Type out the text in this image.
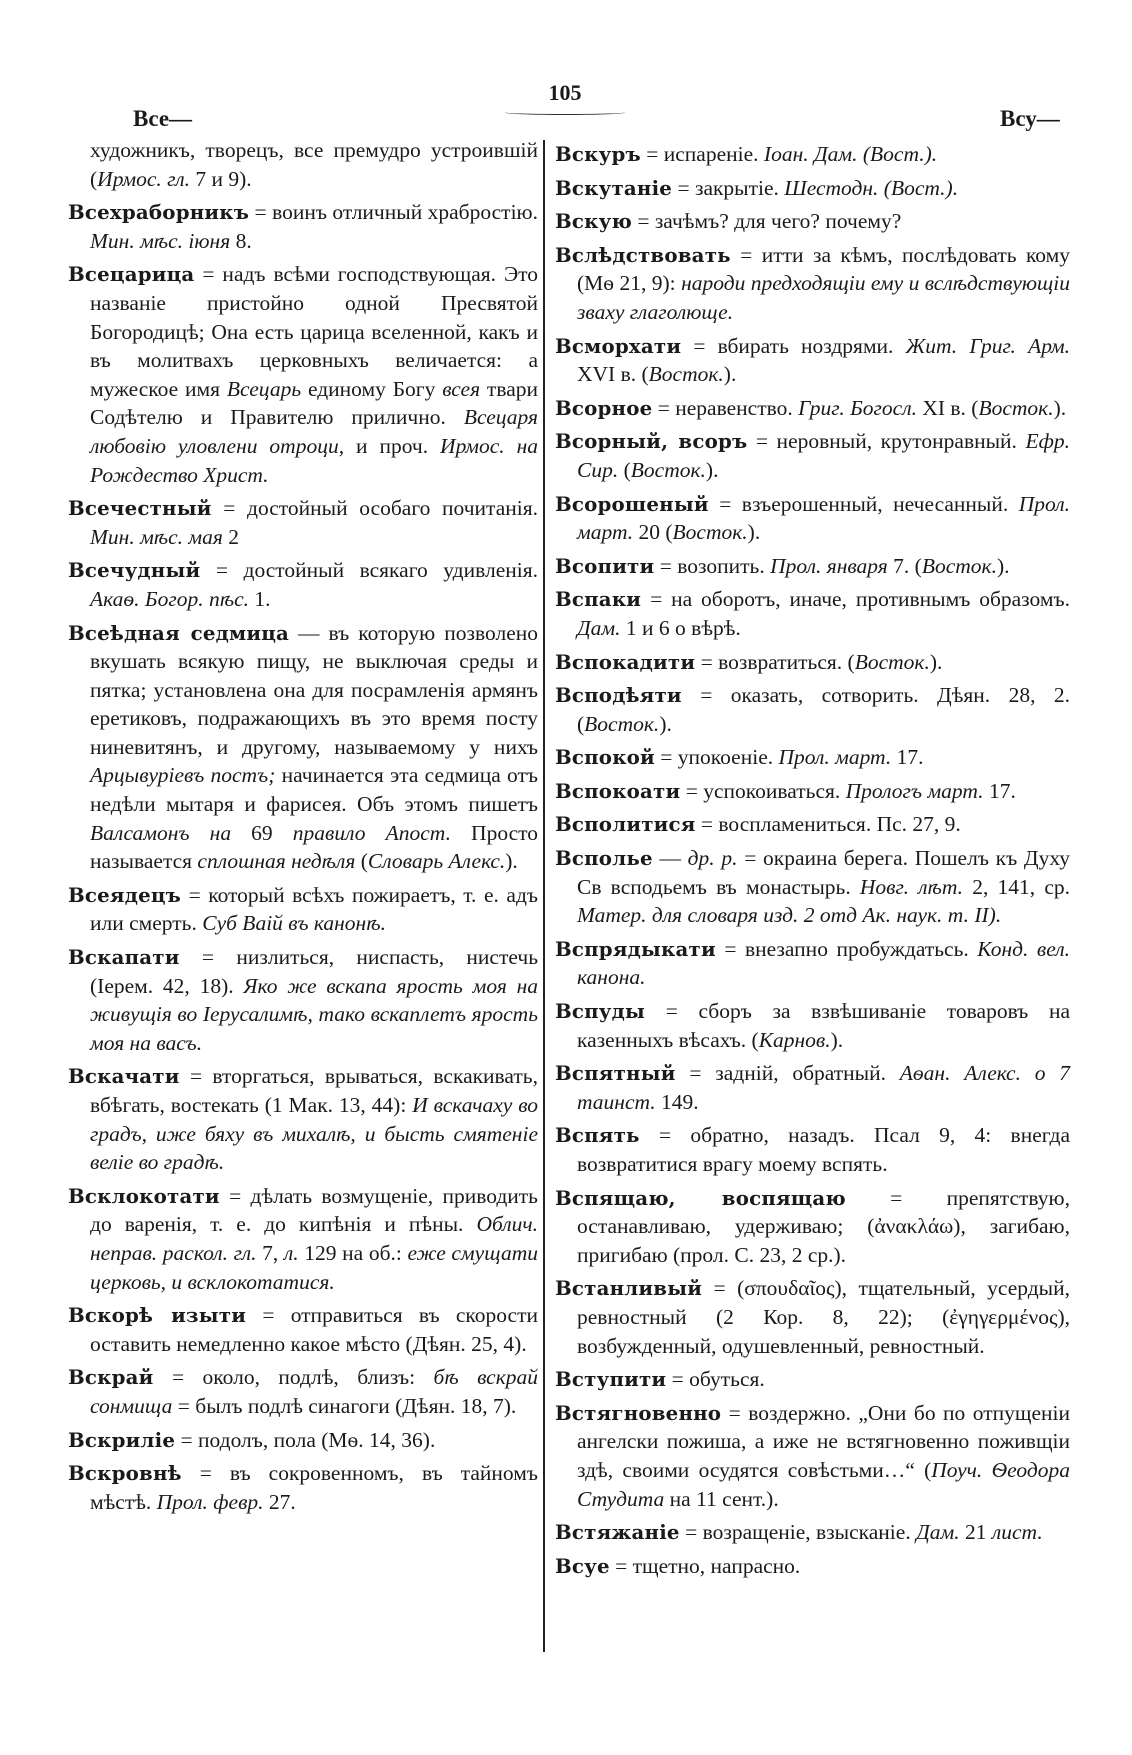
105
Все—	Всу—
художникъ, творецъ, все премудро устроившій (Ирмос. гл. 7 и 9).
Всехраборникъ = воинъ отличный храбростію. Мин. мѣс. іюня 8.
Всецарица = надъ всѣми господствующая. Это названіе пристойно одной Пресвятой Богородицѣ; Она есть царица вселенной, какъ и въ молитвахъ церковныхъ величается: а мужеское имя Всецарь единому Богу всея твари Содѣтелю и Правителю прилично. Всецаря любовію уловлени отроци, и проч. Ирмос. на Рождество Христ.
Всечестный = достойный особаго почитанія. Мин. мѣс. мая 2
Всечудный = достойный всякаго удивленія. Акаѳ. Богор. пѣс. 1.
Всеѣдная седмица — въ которую позволено вкушать всякую пищу, не выключая среды и пятка; установлена она для посрамленія армянъ еретиковъ, подражающихъ въ это время посту ниневитянъ, и другому, называемому у нихъ Арцывуріевъ постъ; начинается эта седмица отъ недѣли мытаря и фарисея. Объ этомъ пишетъ Валсамонъ на 69 правило Апост. Просто называется сплошная недѣля (Словарь Алекс.).
Всеядецъ = который всѣхъ пожираетъ, т. е. адъ или смерть. Суб Ваій въ канонѣ.
Вскапати = низлиться, ниспасть, нистечь (Iерем. 42, 18). Яко же вскапа ярость моя на живущія во Iерусалимѣ, тако вскаплетъ ярость моя на васъ.
Вскачати = вторгаться, врываться, вскакивать, вбѣгать, востекать (1 Мак. 13, 44): И вскачаху во градъ, иже бяху въ михалѣ, и бысть смятеніе веліе во градѣ.
Всклокотати = дѣлать возмущеніе, приводить до варенія, т. е. до кипѣнія и пѣны. Облич. неправ. раскол. гл. 7, л. 129 на об.: еже смущати церковь, и всклокотатися.
Вскорѣ изыти = отправиться въ скорости оставить немедленно какое мѣсто (Дѣян. 25, 4).
Вскрай = около, подлѣ, близъ: бѣ вскрай сонмища = былъ подлѣ синагоги (Дѣян. 18, 7).
Вскриліе = подолъ, пола (Мѳ. 14, 36).
Вскровнѣ = въ сокровенномъ, въ тайномъ мѣстѣ. Прол. февр. 27.
Вскуръ = испареніе. Іоан. Дам. (Вост.).
Вскутаніе = закрытіе. Шестодн. (Вост.).
Вскую = зачѣмъ? для чего? почему?
Вслѣдствовать = итти за кѣмъ, послѣдовать кому (Мѳ 21, 9): народи предходящіи ему и вслѣдствующіи зваху глаголюще.
Всморхати = вбирать ноздрями. Жит. Григ. Арм. XVI в. (Восток.).
Всорное = неравенство. Григ. Богосл. XI в. (Восток.).
Всорный, всоръ = неровный, крутонравный. Ефр. Сир. (Восток.).
Всорошеный = взъерошенный, нечесанный. Прол. март. 20 (Восток.).
Всопити = возопить. Прол. января 7. (Восток.).
Вспаки = на оборотъ, иначе, противнымъ образомъ. Дам. 1 и 6 о вѣрѣ.
Вспокадити = возвратиться. (Восток.).
Всподѣяти = оказать, сотворить. Дѣян. 28, 2. (Восток.).
Вспокой = упокоеніе. Прол. март. 17.
Вспокоати = успокоиваться. Прологъ март. 17.
Всполитися = воспламениться. Пс. 27, 9.
Всполье — др. р. = окраина берега. Пошелъ къ Духу Св всподьемъ въ монастырь. Новг. лѣт. 2, 141, ср. Матер. для словаря изд. 2 отд Ак. наук. т. II).
Вспрядыкати = внезапно пробуждатьсь. Конд. вел. канона.
Вспуды = сборъ за взвѣшиваніе товаровъ на казенныхъ вѣсахъ. (Карнов.).
Вспятный = задній, обратный. Аѳан. Алекс. о 7 таинст. 149.
Вспять = обратно, назадъ. Псал 9, 4: внегда возвратитися врагу моему вспять.
Вспящаю, воспящаю = препятствую, останавливаю, удерживаю; (ἀνακλάω), загибаю, пригибаю (прол. С. 23, 2 ср.).
Встанливый = (σπουδαῖος), тщательный, усердый, ревностный (2 Кор. 8, 22); (ἐγηγερμένος), возбужденный, одушевленный, ревностный.
Вступити = обуться.
Встягновенно = воздержно. „Они бо по отпущеніи ангелски пожиша, а иже не встягновенно поживщіи здѣ, своими осудятся совѣстьми…“ (Поуч. Ѳеодора Студита на 11 сент.).
Встяжаніе = возращеніе, взысканіе. Дам. 21 лист.
Всуе = тщетно, напрасно.
